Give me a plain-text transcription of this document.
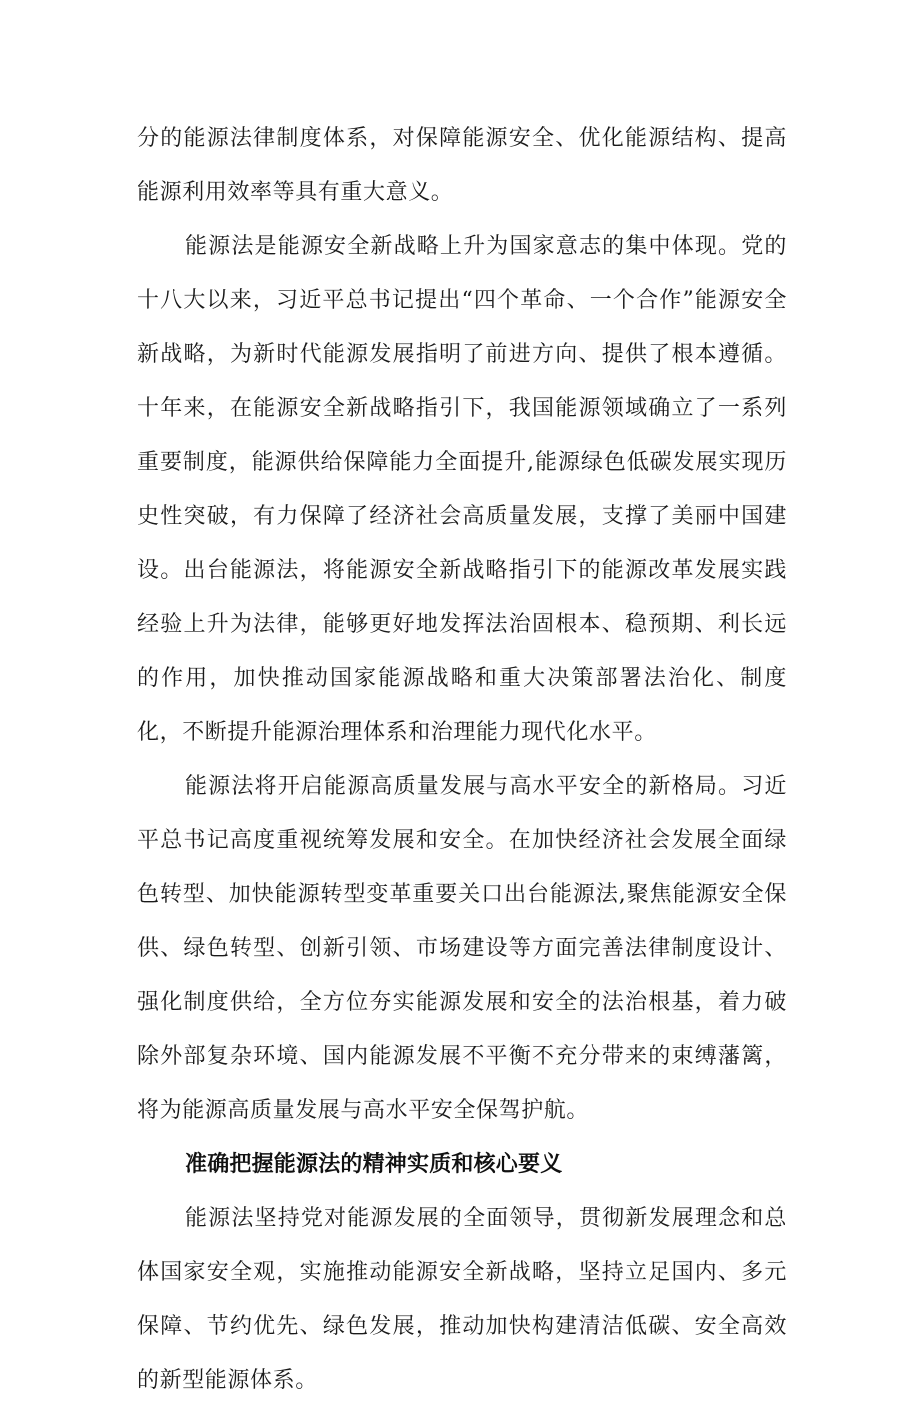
分的能源法律制度体系，对保障能源安全、优化能源结构、提高能源利用效率等具有重大意义。

能源法是能源安全新战略上升为国家意志的集中体现。党的十八大以来，习近平总书记提出“四个革命、一个合作”能源安全新战略，为新时代能源发展指明了前进方向、提供了根本遵循。十年来，在能源安全新战略指引下，我国能源领域确立了一系列重要制度，能源供给保障能力全面提升,能源绿色低碳发展实现历史性突破，有力保障了经济社会高质量发展，支撑了美丽中国建设。出台能源法，将能源安全新战略指引下的能源改革发展实践经验上升为法律，能够更好地发挥法治固根本、稳预期、利长远的作用，加快推动国家能源战略和重大决策部署法治化、制度化，不断提升能源治理体系和治理能力现代化水平。

能源法将开启能源高质量发展与高水平安全的新格局。习近平总书记高度重视统筹发展和安全。在加快经济社会发展全面绿色转型、加快能源转型变革重要关口出台能源法,聚焦能源安全保供、绿色转型、创新引领、市场建设等方面完善法律制度设计、强化制度供给，全方位夯实能源发展和安全的法治根基，着力破除外部复杂环境、国内能源发展不平衡不充分带来的束缚藩篱，将为能源高质量发展与高水平安全保驾护航。

准确把握能源法的精神实质和核心要义

能源法坚持党对能源发展的全面领导，贯彻新发展理念和总体国家安全观，实施推动能源安全新战略，坚持立足国内、多元保障、节约优先、绿色发展，推动加快构建清洁低碳、安全高效的新型能源体系。
